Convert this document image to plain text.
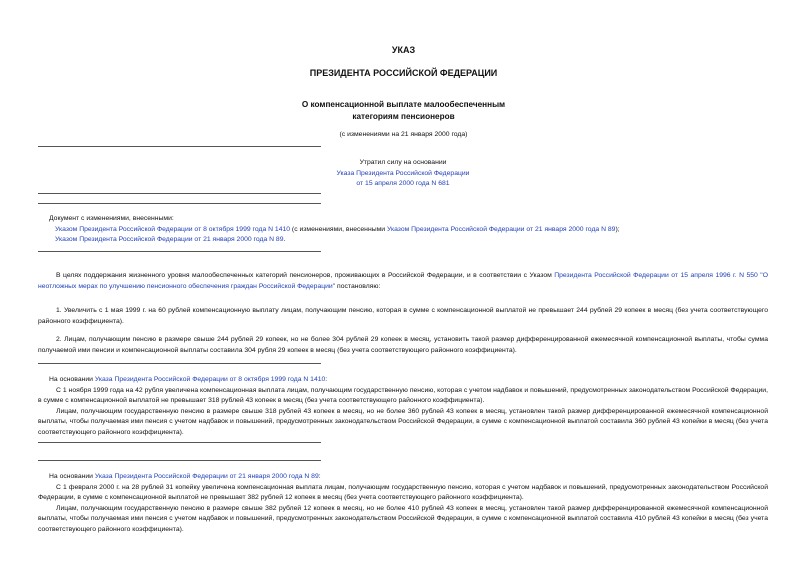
УКАЗ
ПРЕЗИДЕНТА РОССИЙСКОЙ ФЕДЕРАЦИИ
О компенсационной выплате малообеспеченным
категориям пенсионеров
(с изменениями на 21 января 2000 года)
Утратил силу на основании
Указа Президента Российской Федерации
от 15 апреля 2000 года N 681

Документ с изменениями, внесенными:

Указом Президента Российской Федерации от 8 октября 1999 года N 1410 (с изменениями, внесенными Указом Президента Российской Федерации от 21 января 2000 года N 89);

Указом Президента Российской Федерации от 21 января 2000 года N 89.

В целях поддержания жизненного уровня малообеспеченных категорий пенсионеров, проживающих в Российской Федерации, и в соответствии с Указом Президента Российской Федерации от 15 апреля 1996 г. N 550 "О неотложных мерах по улучшению пенсионного обеспечения граждан Российской Федерации" постановляю:

1. Увеличить с 1 мая 1999 г. на 60 рублей компенсационную выплату лицам, получающим пенсию, которая в сумме с компенсационной выплатой не превышает 244 рублей 29 копеек в месяц (без учета соответствующего районного коэффициента).

2. Лицам, получающим пенсию в размере свыше 244 рублей 29 копеек, но не более 304 рублей 29 копеек в месяц, установить такой размер дифференцированной ежемесячной компенсационной выплаты, чтобы сумма получаемой ими пенсии и компенсационной выплаты составила 304 рубля 29 копеек в месяц (без учета соответствующего районного коэффициента).

На основании Указа Президента Российской Федерации от 8 октября 1999 года N 1410:

С 1 ноября 1999 года на 42 рубля увеличена компенсационная выплата лицам, получающим государственную пенсию, которая с учетом надбавок и повышений, предусмотренных законодательством Российской Федерации, в сумме с компенсационной выплатой не превышает 318 рублей 43 копеек в месяц (без учета соответствующего районного коэффициента).

Лицам, получающим государственную пенсию в размере свыше 318 рублей 43 копеек в месяц, но не более 360 рублей 43 копеек в месяц, установлен такой размер дифференцированной ежемесячной компенсационной выплаты, чтобы получаемая ими пенсия с учетом надбавок и повышений, предусмотренных законодательством Российской Федерации, в сумме с компенсационной выплатой составила 360 рублей 43 копейки в месяц (без учета соответствующего районного коэффициента).

На основании Указа Президента Российской Федерации от 21 января 2000 года N 89:

С 1 февраля 2000 г. на 28 рублей 31 копейку увеличена компенсационная выплата лицам, получающим государственную пенсию, которая с учетом надбавок и повышений, предусмотренных законодательством Российской Федерации, в сумме с компенсационной выплатой не превышает 382 рублей 12 копеек в месяц (без учета соответствующего районного коэффициента).

Лицам, получающим государственную пенсию в размере свыше 382 рублей 12 копеек в месяц, но не более 410 рублей 43 копеек в месяц, установлен такой размер дифференцированной ежемесячной компенсационной выплаты, чтобы получаемая ими пенсия с учетом надбавок и повышений, предусмотренных законодательством Российской Федерации, в сумме с компенсационной выплатой составила 410 рублей 43 копейки в месяц (без учета соответствующего районного коэффициента).
